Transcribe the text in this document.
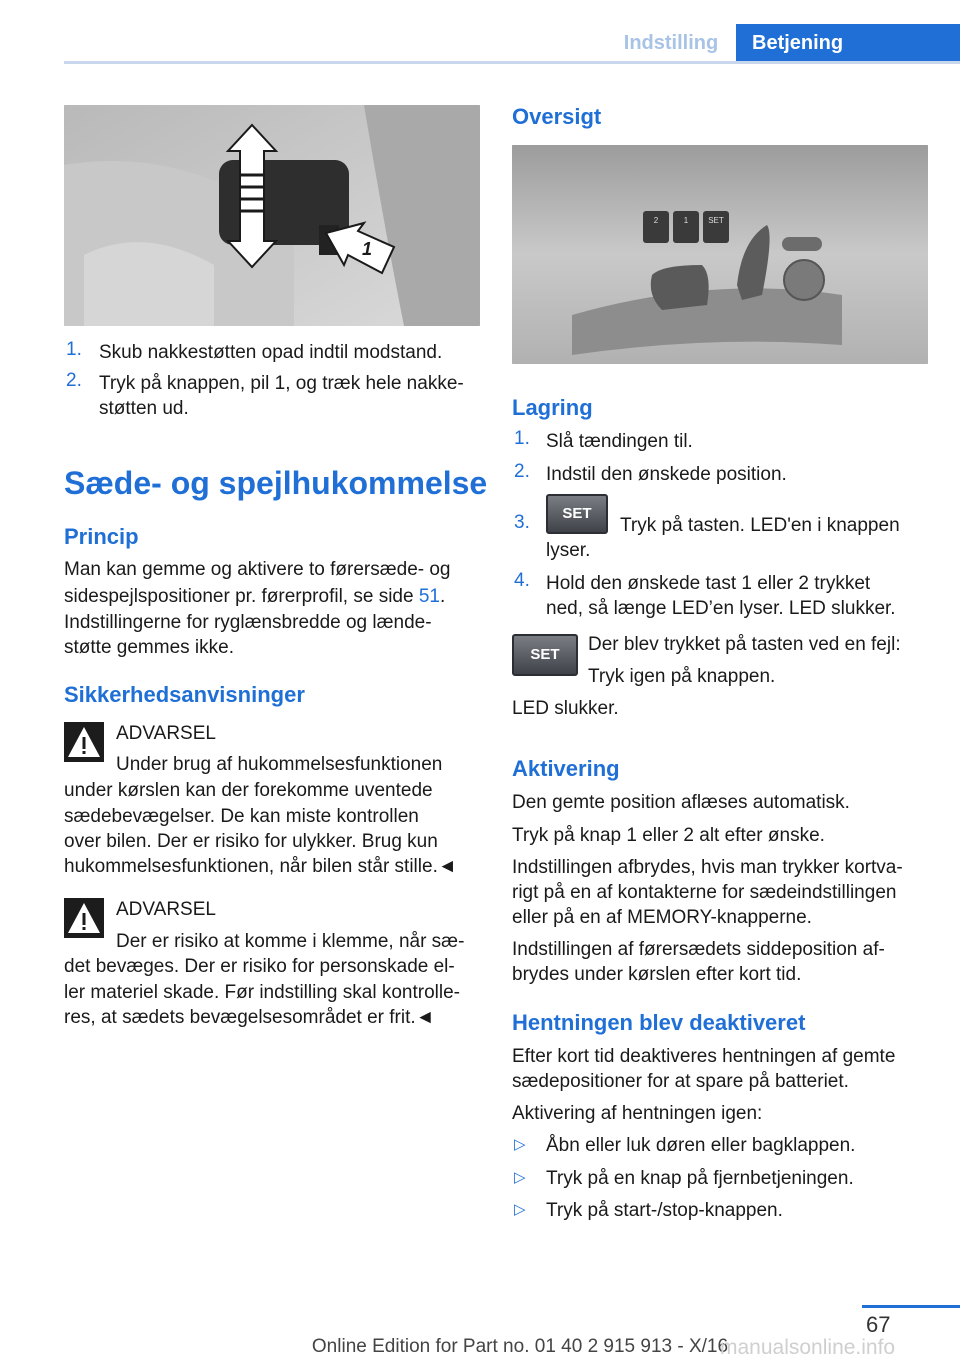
Indstilling	Betjening
1
1. Skub nakkestøtten opad indtil modstand.
2. Tryk på knappen, pil 1, og træk hele nakke-
støtten ud.
Sæde- og spejlhukommelse
Princip
Man kan gemme og aktivere to førersæde- og
sidespejlspositioner pr. førerprofil, se side 51.
Indstillingerne for ryglænsbredde og lænde-
støtte gemmes ikke.
Sikkerhedsanvisninger
ADVARSEL
Under brug af hukommelsesfunktionen
under kørslen kan der forekomme uventede
sædebevægelser. De kan miste kontrollen
over bilen. Der er risiko for ulykker. Brug kun
hukommelsesfunktionen, når bilen står stille.◄
ADVARSEL
Der er risiko at komme i klemme, når sæ-
det bevæges. Der er risiko for personskade el-
ler materiel skade. Før indstilling skal kontrolle-
res, at sædets bevægelsesområdet er frit.◄
Oversigt
2	1 SET
Lagring
1. Slå tændingen til.
2. Indstil den ønskede position.
3.	SET
Tryk på tasten. LED'en i knappen
lyser.
4. Hold den ønskede tast 1 eller 2 trykket
ned, så længe LED’en lyser. LED slukker.
SET	Der blev trykket på tasten ved en fejl:
Tryk igen på knappen.
LED slukker.
Aktivering
Den gemte position aflæses automatisk.
Tryk på knap 1 eller 2 alt efter ønske.
Indstillingen afbrydes, hvis man trykker kortva-
rigt på en af kontakterne for sædeindstillingen
eller på en af MEMORY-knapperne.
Indstillingen af førersædets siddeposition af-
brydes under kørslen efter kort tid.
Hentningen blev deaktiveret
Efter kort tid deaktiveres hentningen af gemte
sædepositioner for at spare på batteriet.
Aktivering af hentningen igen:
▷ Åbn eller luk døren eller bagklappen.
▷ Tryk på en knap på fjernbetjeningen.
▷ Tryk på start-/stop-knappen.
67
Online Edition for Part no. 01 40 2 915 913 - X/16
manualsonline.info
